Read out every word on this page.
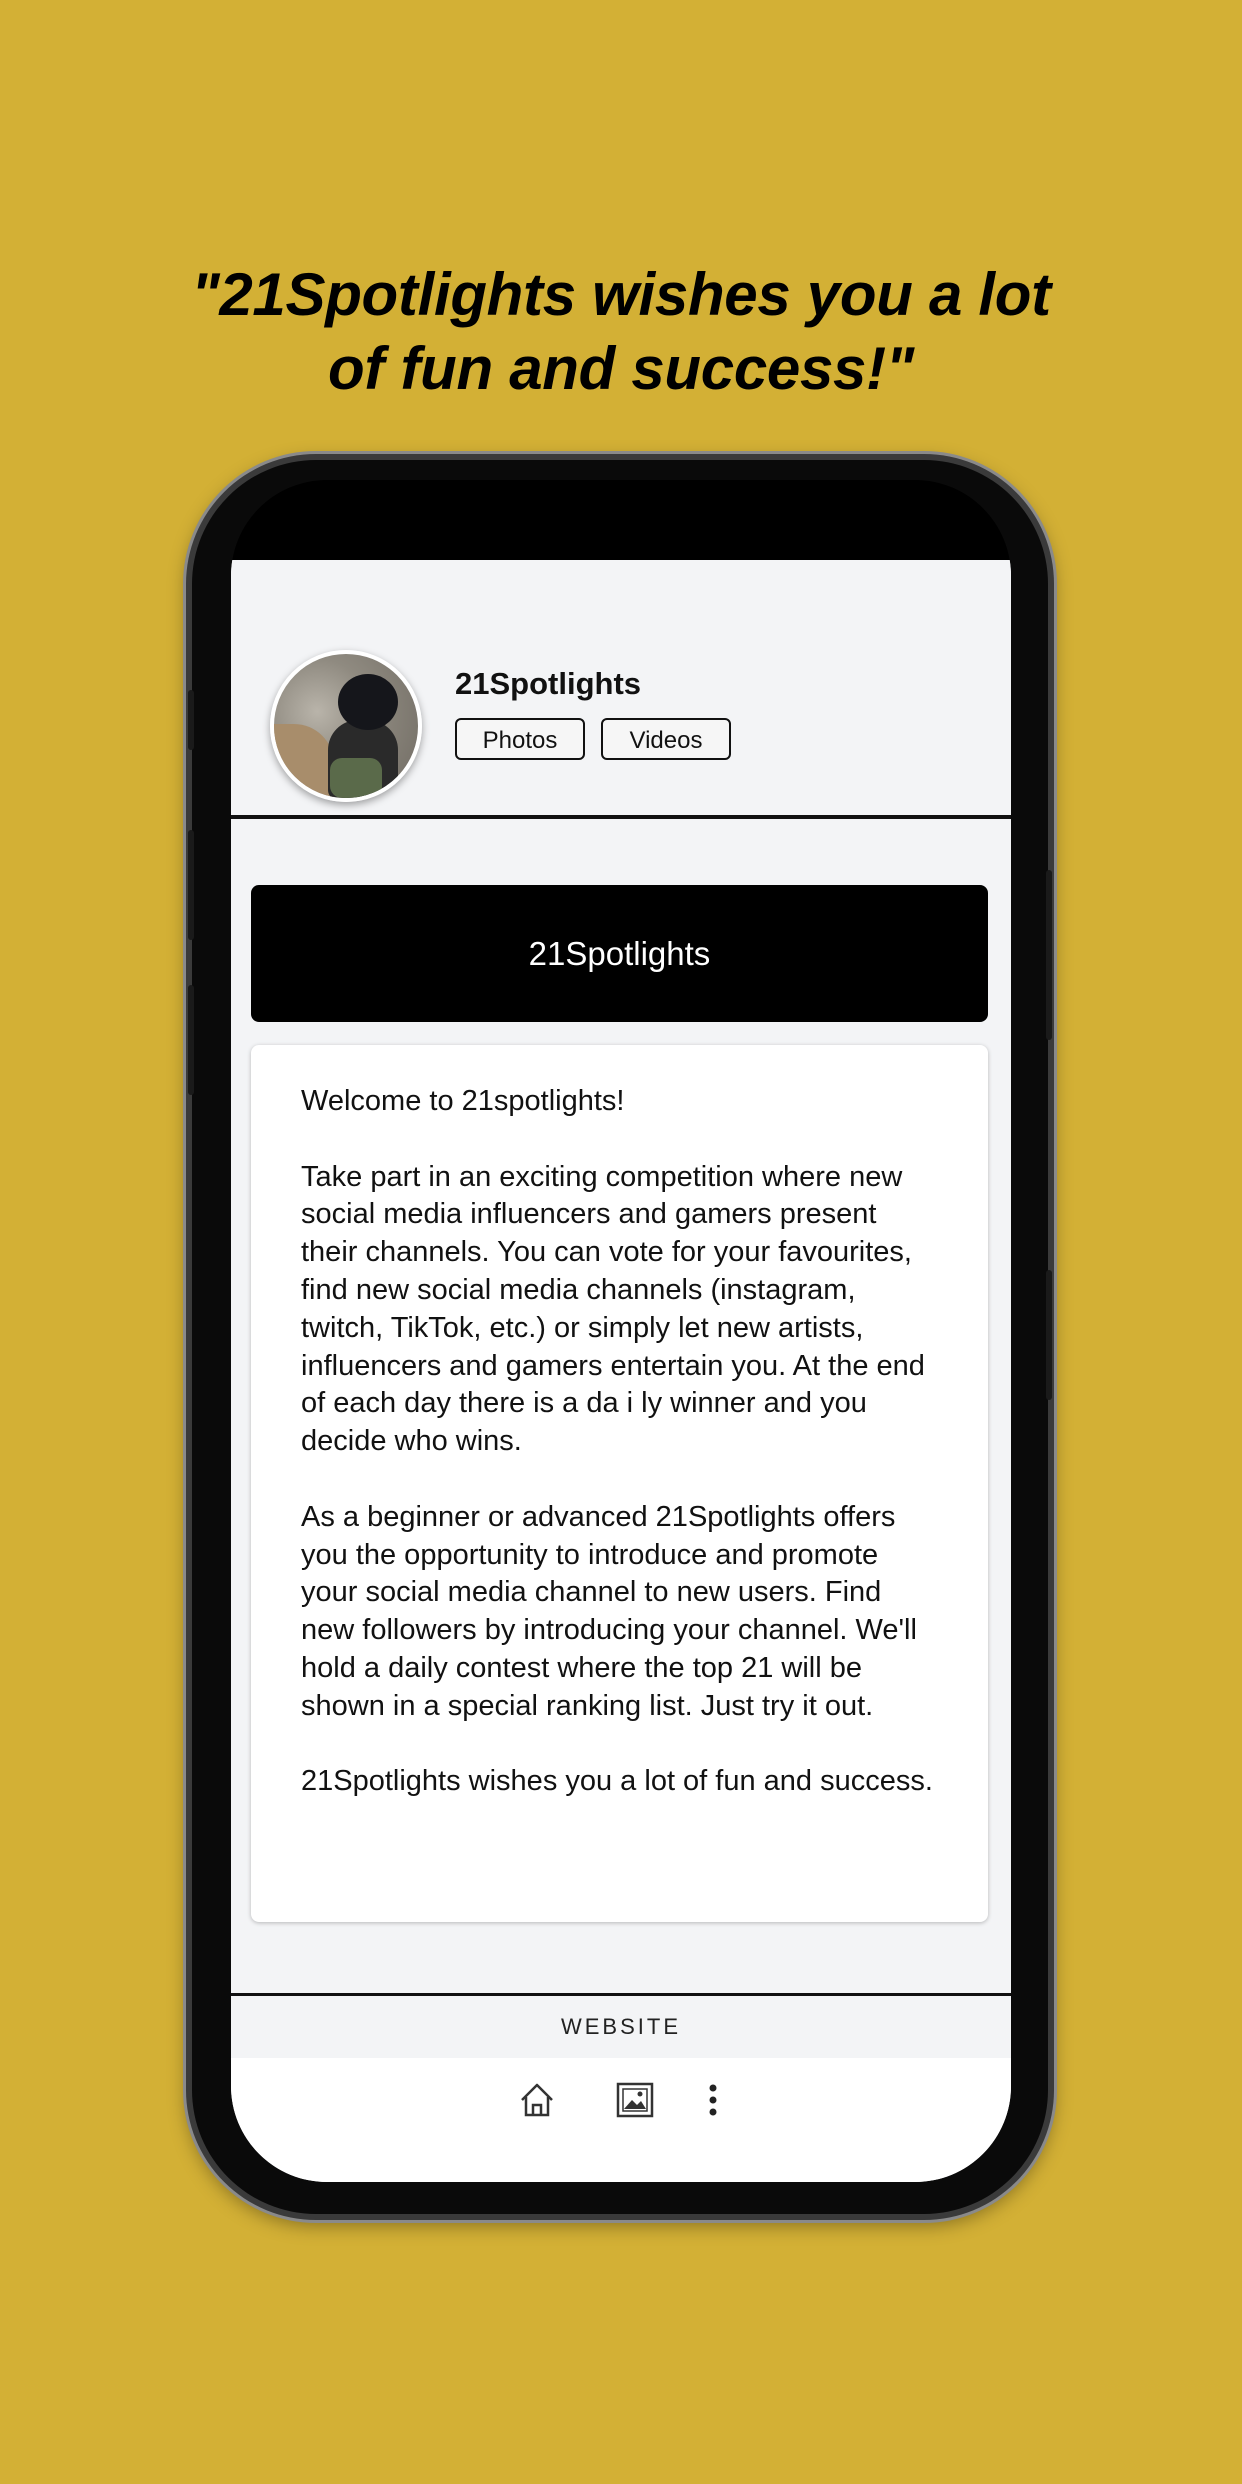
"21Spotlights wishes you a lot
of fun and success!"
21Spotlights
Photos	Videos
21Spotlights

Welcome to 21spotlights!

Take part in an exciting competition where new social media influencers and gamers present their channels. You can vote for your favourites, find new social media channels (instagram, twitch, TikTok, etc.) or simply let new artists, influencers and gamers entertain you. At the end of each day there is a da i ly winner and you decide who wins.

As a beginner or advanced 21Spotlights offers you the opportunity to introduce and promote your social media channel to new users. Find new followers by introducing your channel. We'll hold a daily contest where the top 21 will be shown in a special ranking list. Just try it out.

21Spotlights wishes you a lot of fun and success.

WEBSITE
